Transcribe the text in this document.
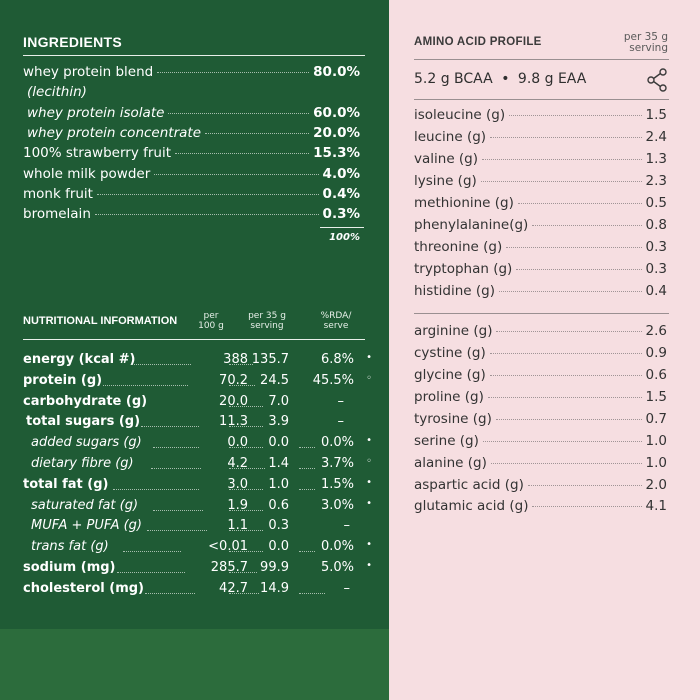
INGREDIENTS
whey protein blend	80.0%
(lecithin)
whey protein isolate	60.0%
whey protein concentrate	20.0%
100% strawberry fruit	15.3%
whole milk powder	4.0%
monk fruit	0.4%
bromelain	0.3%
100%
NUTRITIONAL INFORMATION	per 100 g
per 35 g serving
%RDA/ serve
energy (kcal #)	388 135.7 6.8% •
protein (g)	70.2 24.5 45.5% ◦
carbohydrate (g)	20.0 7.0	–
total sugars (g)	11.3 3.9	–
added sugars (g)	0.0 0.0 0.0% •
dietary fibre (g)	4.2 1.4 3.7% ◦
total fat (g)	3.0 1.0 1.5% •
saturated fat (g)	1.9 0.6 3.0% •
MUFA + PUFA (g)	1.1 0.3	–
trans fat (g)	<0.01 0.0 0.0% •
sodium (mg)	285.7 99.9 5.0% •
cholesterol (mg)	42.7 14.9	–
AMINO ACID PROFILE	per 35 g serving
5.2 g BCAA • 9.8 g EAA
isoleucine (g)	1.5
leucine (g)	2.4
valine (g)	1.3
lysine (g)	2.3
methionine (g)	0.5
phenylalanine(g)	0.8
threonine (g)	0.3
tryptophan (g)	0.3
histidine (g)	0.4
arginine (g)	2.6
cystine (g)	0.9
glycine (g)	0.6
proline (g)	1.5
tyrosine (g)	0.7
serine (g)	1.0
alanine (g)	1.0
aspartic acid (g)	2.0
glutamic acid (g)	4.1
